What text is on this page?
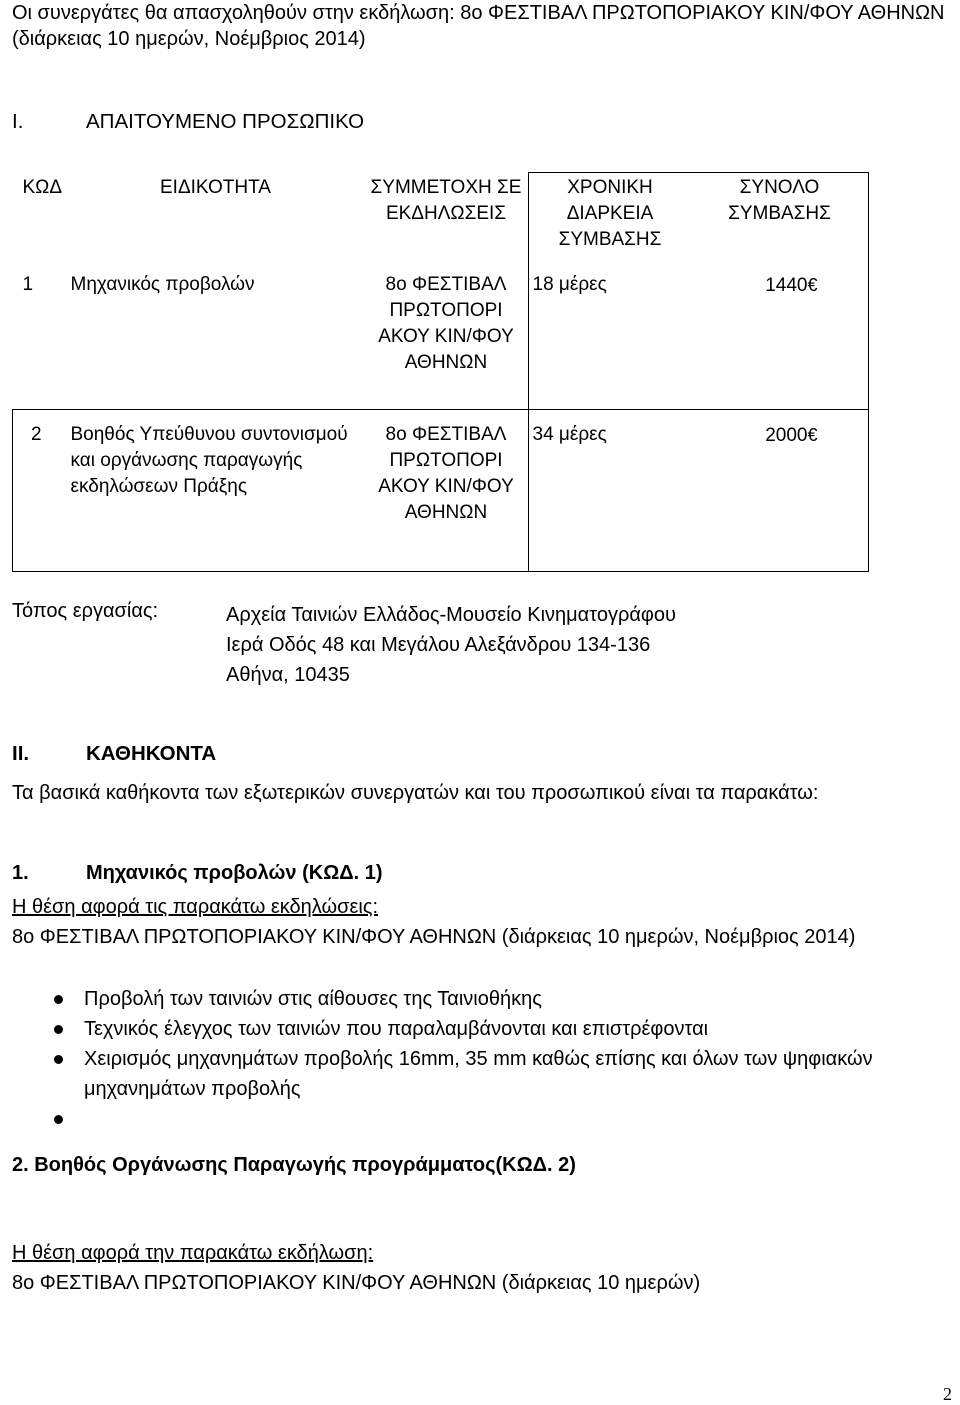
Οι συνεργάτες θα απασχοληθούν στην εκδήλωση: 8ο ΦΕΣΤΙΒΑΛ ΠΡΩΤΟΠΟΡΙΑΚΟΥ ΚΙΝ/ΦΟΥ ΑΘΗΝΩΝ (διάρκειας 10 ημερών, Νοέμβριος 2014)
I.	ΑΠΑΙΤΟΥΜΕΝΟ ΠΡΟΣΩΠΙΚΟ
ΚΩΔ	ΕΙΔΙΚΟΤΗΤΑ	ΣΥΜΜΕΤΟΧΗ ΣΕ ΕΚΔΗΛΩΣΕΙΣ	ΧΡΟΝΙΚΗ ΔΙΑΡΚΕΙΑ ΣΥΜΒΑΣΗΣ	ΣΥΝΟΛΟ ΣΥΜΒΑΣΗΣ
1	Μηχανικός προβολών	8ο ΦΕΣΤΙΒΑΛ ΠΡΩΤΟΠΟΡΙ ΑΚΟΥ ΚΙΝ/ΦΟΥ ΑΘΗΝΩΝ	18 μέρες	1440€
2	Βοηθός Υπεύθυνου συντονισμού και οργάνωσης παραγωγής εκδηλώσεων Πράξης	8ο ΦΕΣΤΙΒΑΛ ΠΡΩΤΟΠΟΡΙ ΑΚΟΥ ΚΙΝ/ΦΟΥ ΑΘΗΝΩΝ	34 μέρες	2000€
Τόπος εργασίας:	Αρχεία Ταινιών Ελλάδος-Μουσείο Κινηματογράφου
Ιερά Οδός 48 και Μεγάλου Αλεξάνδρου 134-136
Αθήνα, 10435
II.	ΚΑΘΗΚΟΝΤΑ
Τα βασικά καθήκοντα των εξωτερικών συνεργατών και του προσωπικού είναι τα παρακάτω:
1.	Μηχανικός προβολών (ΚΩΔ. 1)
Η θέση αφορά τις παρακάτω εκδηλώσεις:
8ο ΦΕΣΤΙΒΑΛ ΠΡΩΤΟΠΟΡΙΑΚΟΥ ΚΙΝ/ΦΟΥ ΑΘΗΝΩΝ (διάρκειας 10 ημερών, Νοέμβριος 2014)
Προβολή των ταινιών στις αίθουσες της Ταινιοθήκης
Τεχνικός έλεγχος των ταινιών που παραλαμβάνονται και επιστρέφονται
Χειρισμός μηχανημάτων προβολής 16mm, 35 mm καθώς επίσης και όλων των ψηφιακών μηχανημάτων προβολής
2. Βοηθός Οργάνωσης Παραγωγής προγράμματος(ΚΩΔ. 2)
Η θέση αφορά την παρακάτω εκδήλωση:
8ο ΦΕΣΤΙΒΑΛ ΠΡΩΤΟΠΟΡΙΑΚΟΥ ΚΙΝ/ΦΟΥ ΑΘΗΝΩΝ (διάρκειας 10 ημερών)
2
